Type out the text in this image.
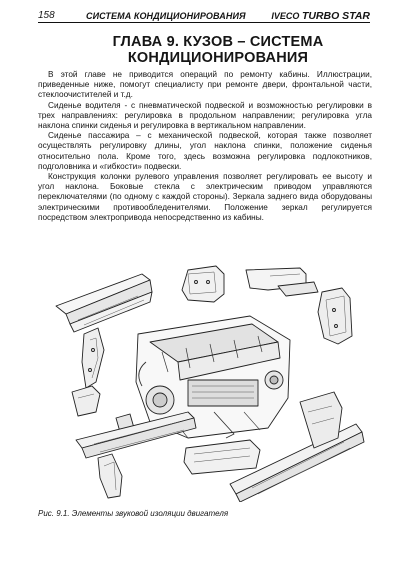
158	СИСТЕМА КОНДИЦИОНИРОВАНИЯ	IVECO TURBO STAR
ГЛАВА 9. КУЗОВ – СИСТЕМА КОНДИЦИОНИРОВАНИЯ

В этой главе не приводится операций по ремонту кабины. Иллюстрации, приведенные ниже, помогут специалисту при ремонте двери, фронтальной части, стеклоочистителей и т.д.

Сиденье водителя - с пневматической подвеской и возможностью регулировки в трех направлениях: регулировка в продольном направлении; регулировка угла наклона спинки сиденья и регулировка в вертикальном направлении.

Сиденье пассажира – с механической подвеской, которая также позволяет осуществлять регулировку длины, угол наклона спинки, положение сиденья относительно пола. Кроме того, здесь возможна регулировка подлокотников, подголовника и «гибкости» подвески.

Конструкция колонки рулевого управления позволяет регулировать ее высоту и угол наклона. Боковые стекла с электрическим приводом управляются переключателями (по одному с каждой стороны). Зеркала заднего вида оборудованы электрическими противообледенителями. Положение зеркал регулируется посредством электропривода непосредственно из кабины.

Рис. 9.1. Элементы звуковой изоляции двигателя
